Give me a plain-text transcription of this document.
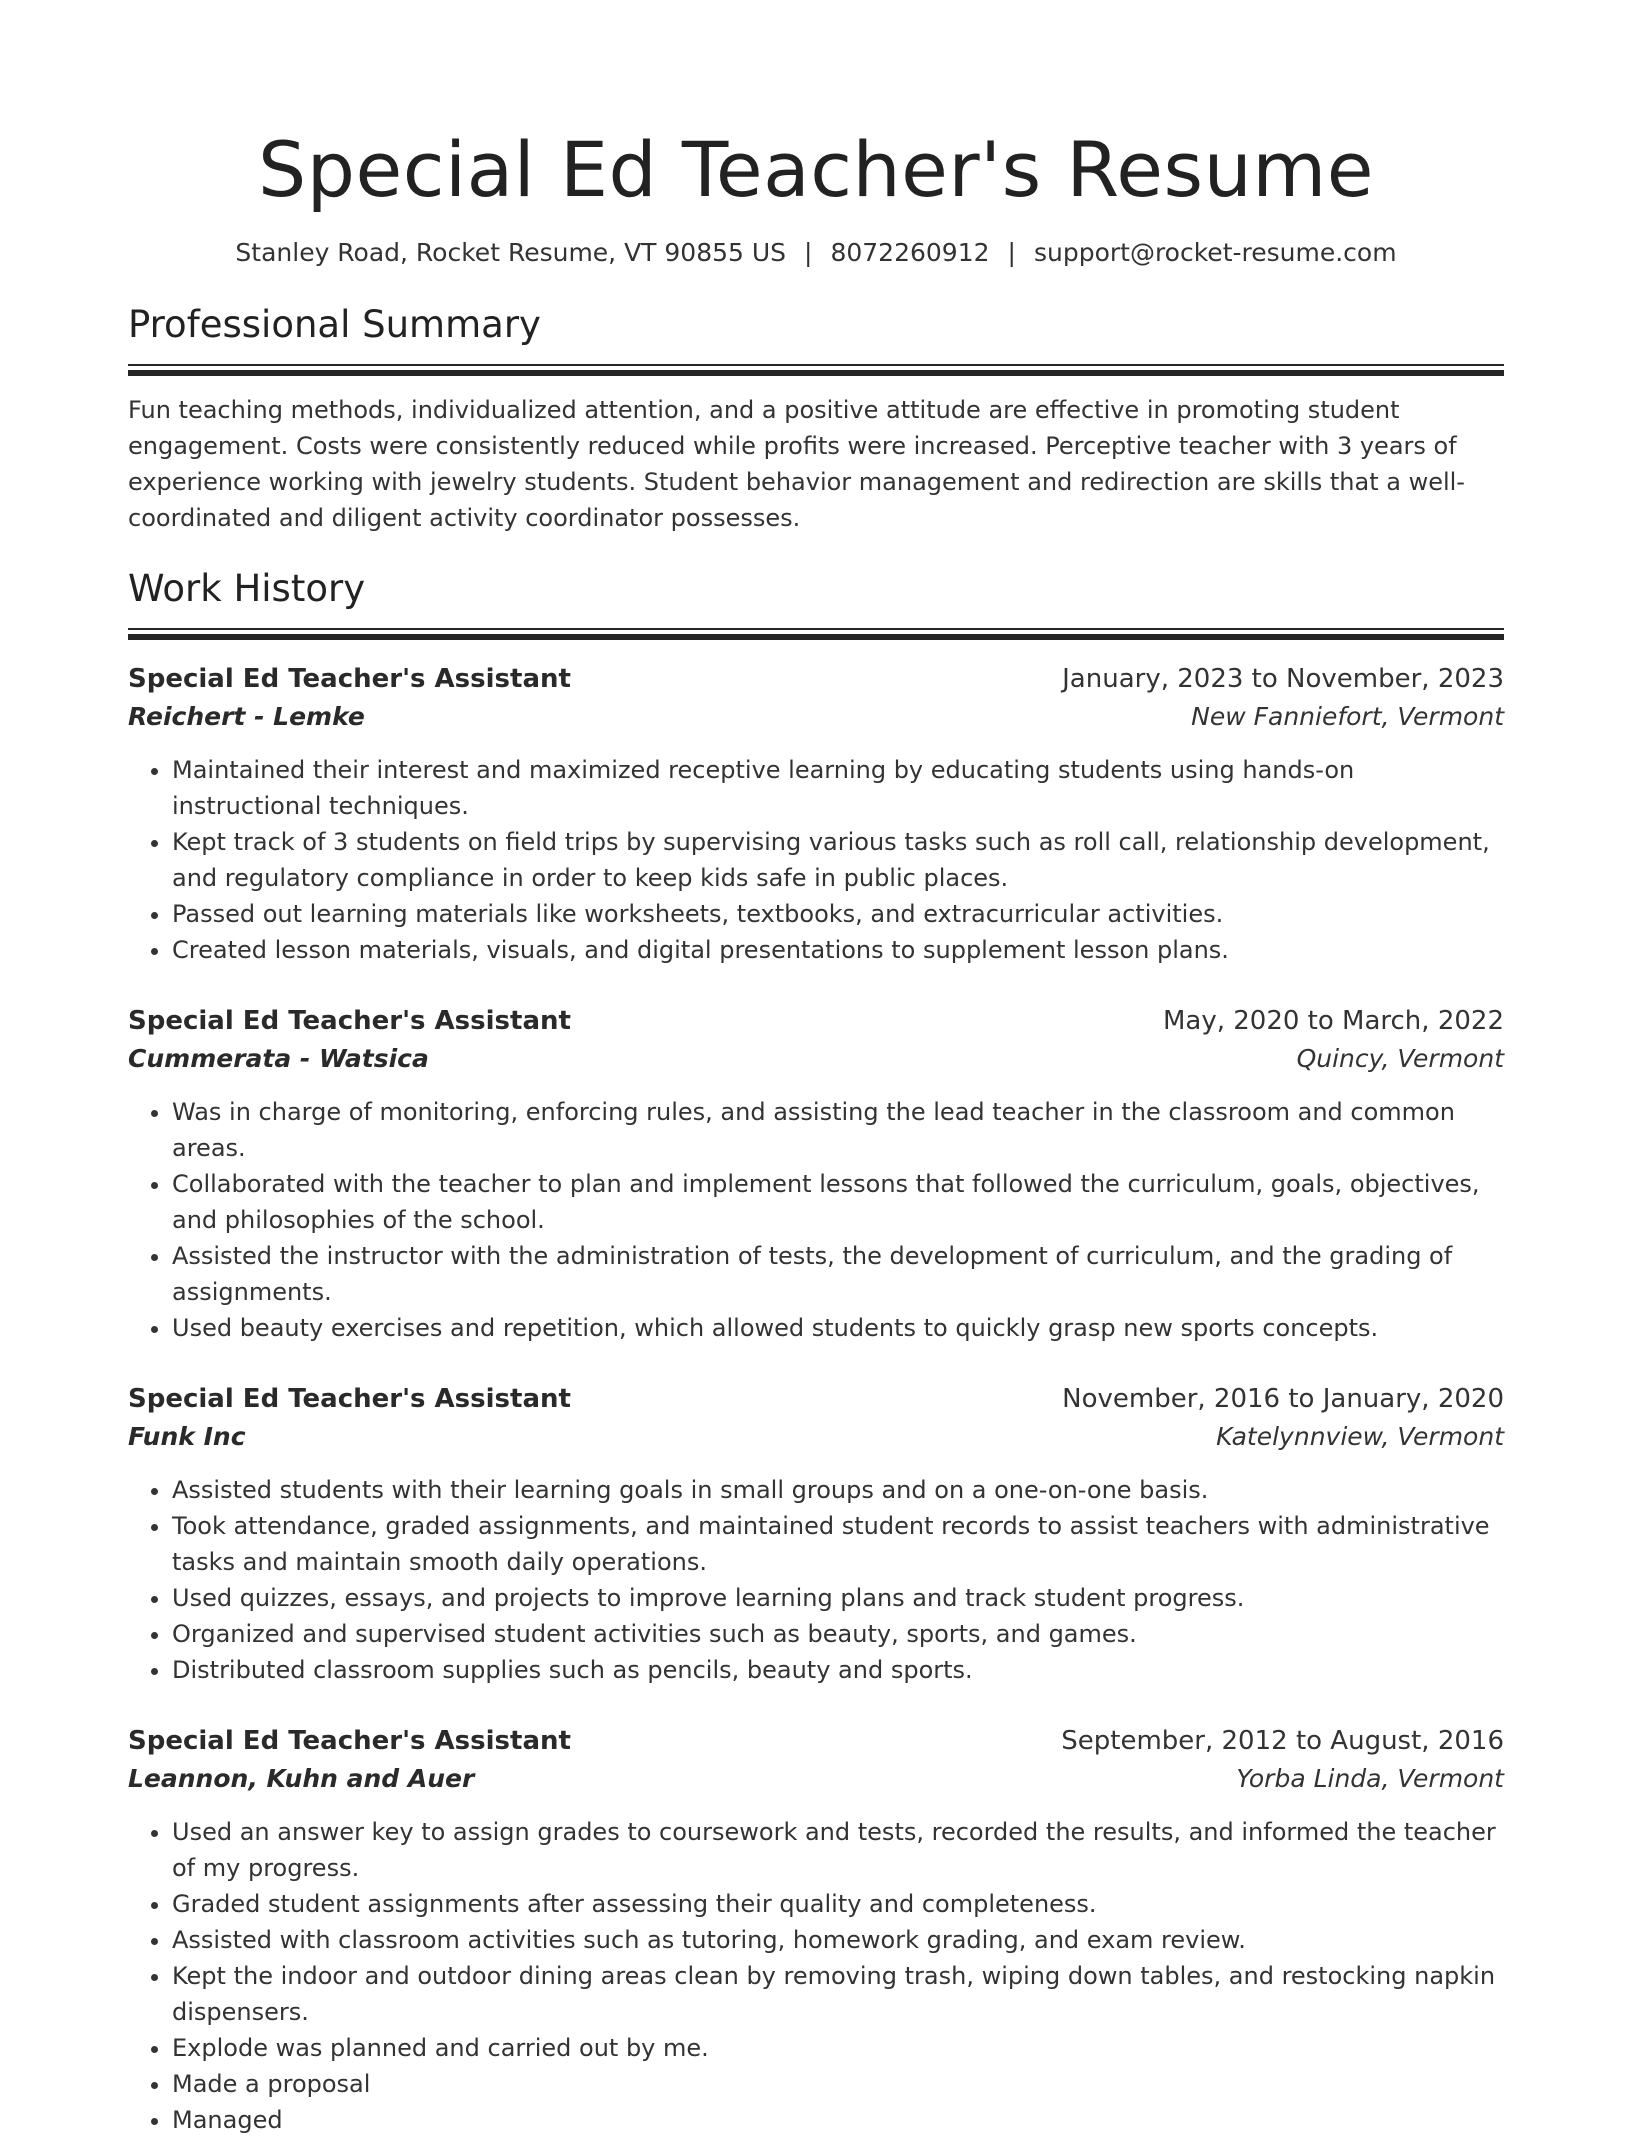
Special Ed Teacher's Resume
Stanley Road, Rocket Resume, VT 90855 US | 8072260912 | support@rocket-resume.com
Professional Summary
Fun teaching methods, individualized attention, and a positive attitude are effective in promoting student engagement. Costs were consistently reduced while profits were increased. Perceptive teacher with 3 years of experience working with jewelry students. Student behavior management and redirection are skills that a well-coordinated and diligent activity coordinator possesses.
Work History
Special Ed Teacher's Assistant	January, 2023 to November, 2023
Reichert - Lemke	New Fanniefort, Vermont
• Maintained their interest and maximized receptive learning by educating students using hands-on instructional techniques.
• Kept track of 3 students on field trips by supervising various tasks such as roll call, relationship development, and regulatory compliance in order to keep kids safe in public places.
• Passed out learning materials like worksheets, textbooks, and extracurricular activities.
• Created lesson materials, visuals, and digital presentations to supplement lesson plans.
Special Ed Teacher's Assistant	May, 2020 to March, 2022
Cummerata - Watsica	Quincy, Vermont
• Was in charge of monitoring, enforcing rules, and assisting the lead teacher in the classroom and common areas.
• Collaborated with the teacher to plan and implement lessons that followed the curriculum, goals, objectives, and philosophies of the school.
• Assisted the instructor with the administration of tests, the development of curriculum, and the grading of assignments.
• Used beauty exercises and repetition, which allowed students to quickly grasp new sports concepts.
Special Ed Teacher's Assistant	November, 2016 to January, 2020
Funk Inc	Katelynnview, Vermont
• Assisted students with their learning goals in small groups and on a one-on-one basis.
• Took attendance, graded assignments, and maintained student records to assist teachers with administrative tasks and maintain smooth daily operations.
• Used quizzes, essays, and projects to improve learning plans and track student progress.
• Organized and supervised student activities such as beauty, sports, and games.
• Distributed classroom supplies such as pencils, beauty and sports.
Special Ed Teacher's Assistant	September, 2012 to August, 2016
Leannon, Kuhn and Auer	Yorba Linda, Vermont
• Used an answer key to assign grades to coursework and tests, recorded the results, and informed the teacher of my progress.
• Graded student assignments after assessing their quality and completeness.
• Assisted with classroom activities such as tutoring, homework grading, and exam review.
• Kept the indoor and outdoor dining areas clean by removing trash, wiping down tables, and restocking napkin dispensers.
• Explode was planned and carried out by me.
• Made a proposal
• Managed
